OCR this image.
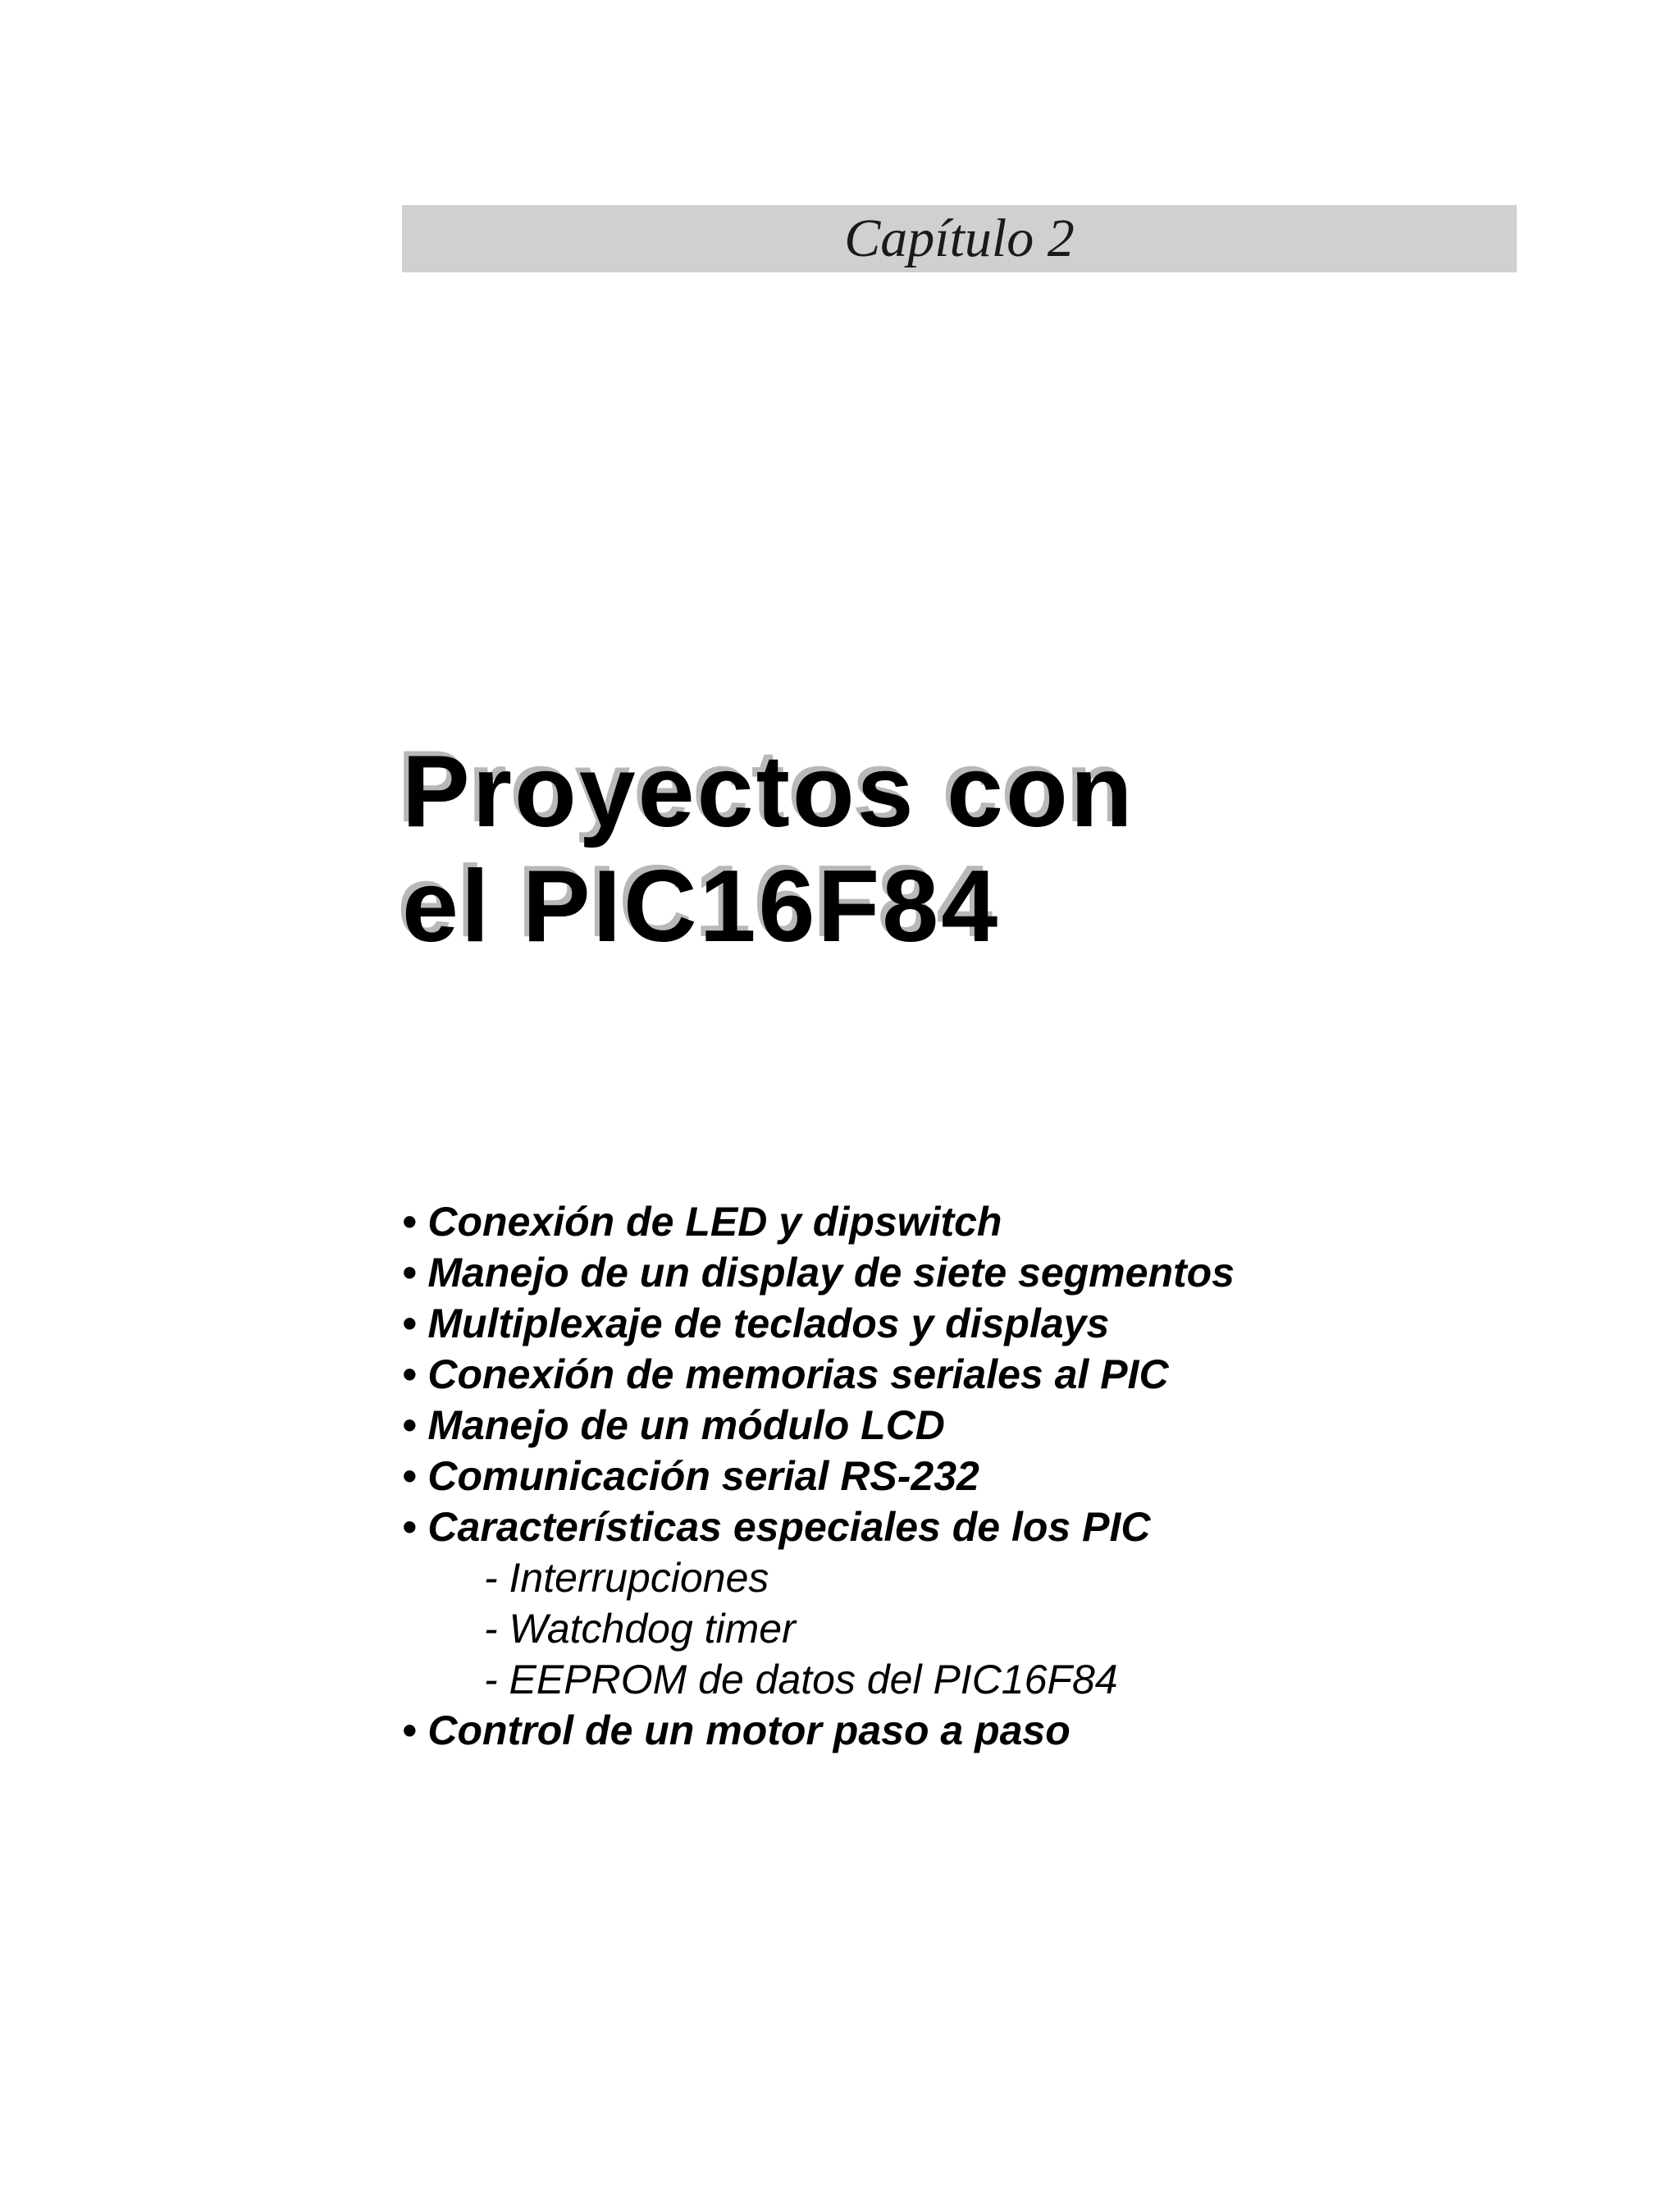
Capítulo 2
Proyectos con
el PIC16F84
• Conexión de LED y dipswitch
• Manejo de un display de siete segmentos
• Multiplexaje de teclados y displays
• Conexión de memorias seriales al PIC
• Manejo de un módulo LCD
• Comunicación serial RS-232
• Características especiales de los PIC
- Interrupciones
- Watchdog timer
- EEPROM de datos del PIC16F84
• Control de un motor paso a paso
